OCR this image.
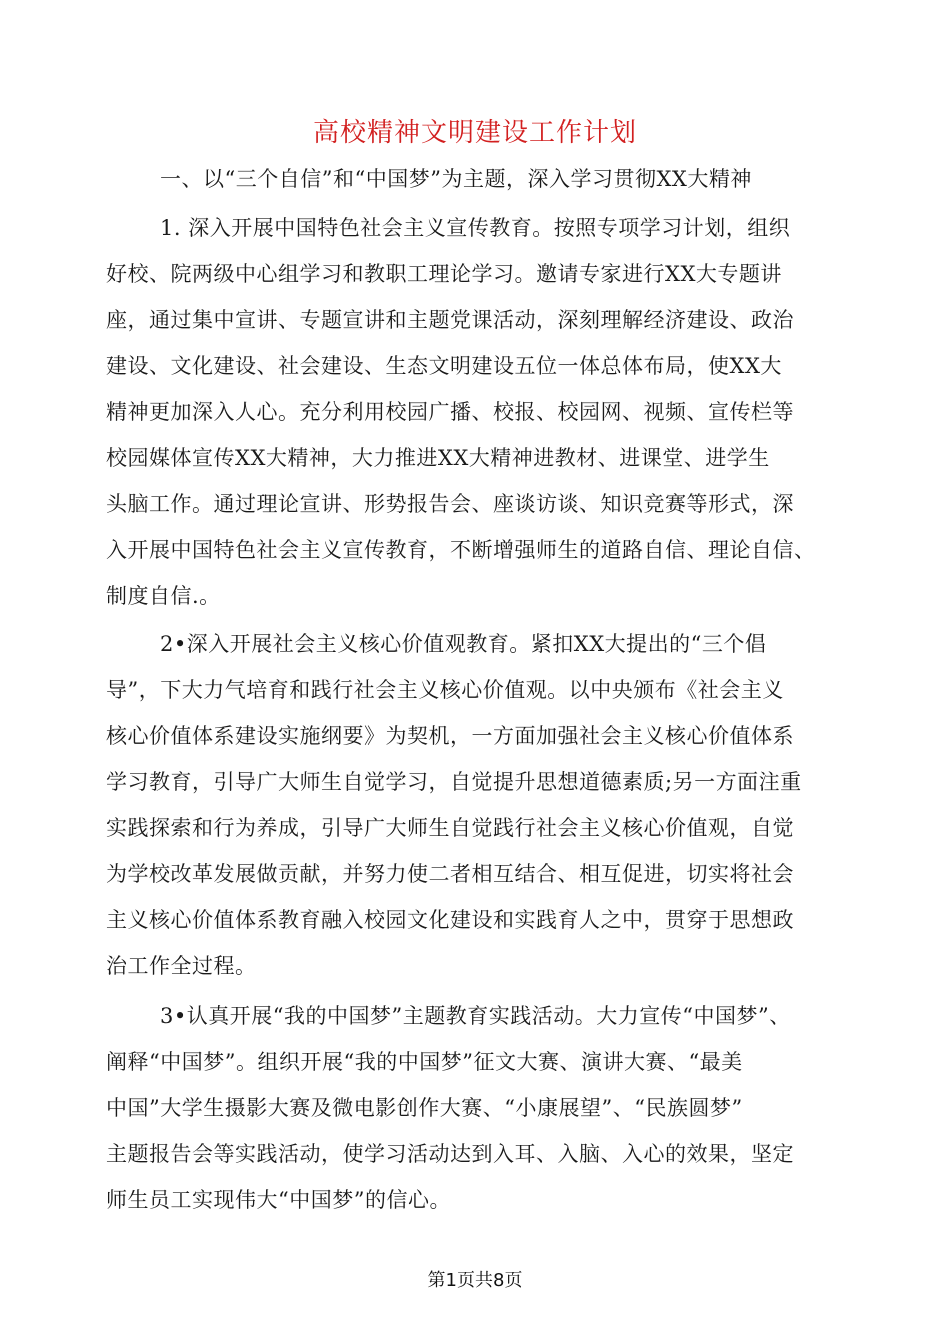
高校精神文明建设工作计划

一、以“三个自信”和“中国梦”为主题，深入学习贯彻XX大精神

1. 深入开展中国特色社会主义宣传教育。按照专项学习计划，组织

好校、院两级中心组学习和教职工理论学习。邀请专家进行XX大专题讲

座，通过集中宣讲、专题宣讲和主题党课活动，深刻理解经济建设、政治

建设、文化建设、社会建设、生态文明建设五位一体总体布局，使XX大

精神更加深入人心。充分利用校园广播、校报、校园网、视频、宣传栏等

校园媒体宣传XX大精神，大力推进XX大精神进教材、进课堂、进学生

头脑工作。通过理论宣讲、形势报告会、座谈访谈、知识竞赛等形式，深

入开展中国特色社会主义宣传教育，不断增强师生的道路自信、理论自信、

制度自信.。

2•深入开展社会主义核心价值观教育。紧扣XX大提出的“三个倡

导”，下大力气培育和践行社会主义核心价值观。以中央颁布《社会主义

核心价值体系建设实施纲要》为契机，一方面加强社会主义核心价值体系

学习教育，引导广大师生自觉学习，自觉提升思想道德素质;另一方面注重

实践探索和行为养成，引导广大师生自觉践行社会主义核心价值观，自觉

为学校改革发展做贡献，并努力使二者相互结合、相互促进，切实将社会

主义核心价值体系教育融入校园文化建设和实践育人之中，贯穿于思想政

治工作全过程。

3•认真开展“我的中国梦”主题教育实践活动。大力宣传“中国梦”、

阐释“中国梦”。组织开展“我的中国梦”征文大赛、演讲大赛、“最美

中国”大学生摄影大赛及微电影创作大赛、“小康展望”、“民族圆梦”

主题报告会等实践活动，使学习活动达到入耳、入脑、入心的效果，坚定

师生员工实现伟大“中国梦”的信心。

第1页共8页
